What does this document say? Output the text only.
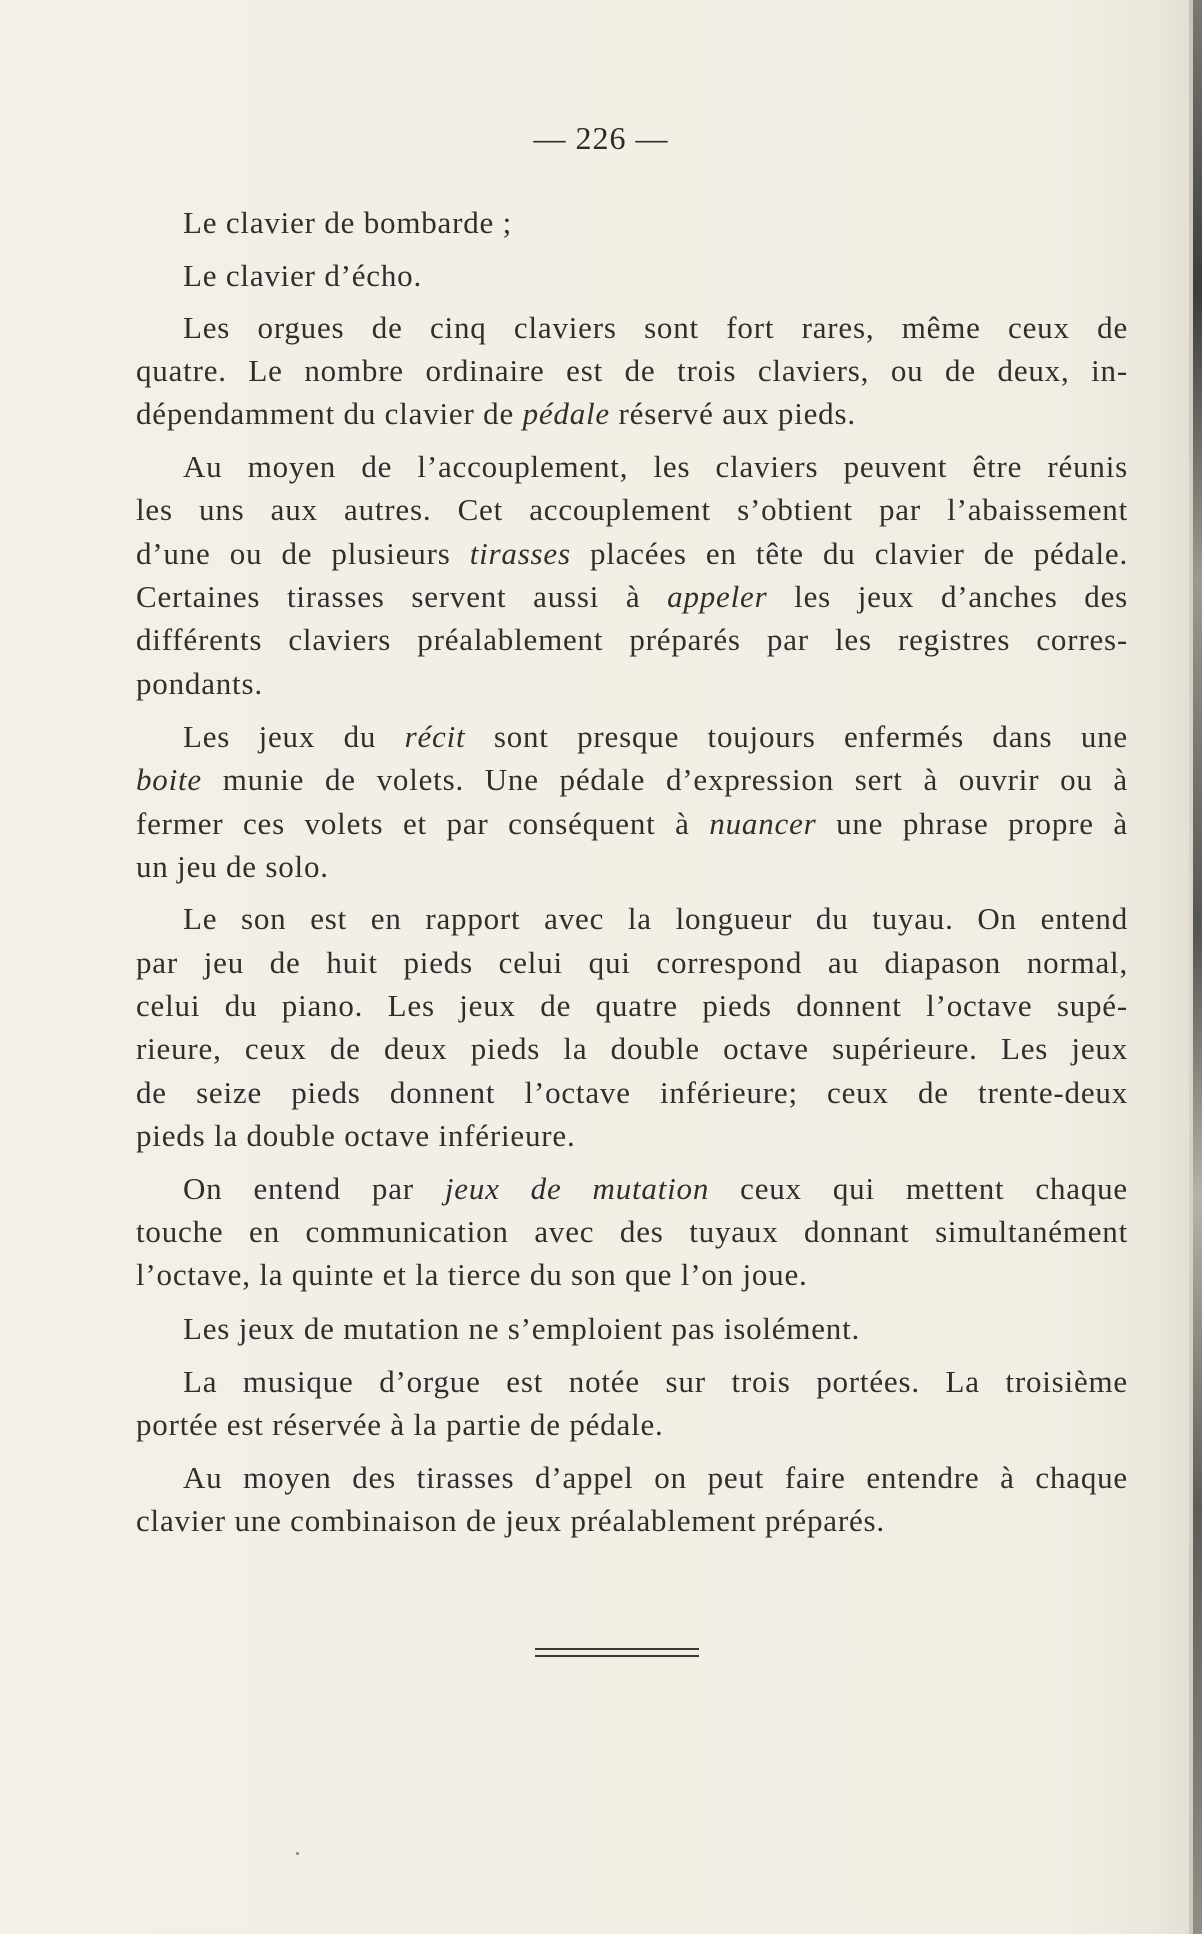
— 226 —
Le clavier de bombarde ;
Le clavier d’écho.
Les orgues de cinq claviers sont fort rares, même ceux de
quatre. Le nombre ordinaire est de trois claviers, ou de deux, in-
dépendamment du clavier de pédale réservé aux pieds.
Au moyen de l’accouplement, les claviers peuvent être réunis
les uns aux autres. Cet accouplement s’obtient par l’abaissement
d’une ou de plusieurs tirasses placées en tête du clavier de pédale.
Certaines tirasses servent aussi à appeler les jeux d’anches des
différents claviers préalablement préparés par les registres corres-
pondants.
Les jeux du récit sont presque toujours enfermés dans une
boite munie de volets. Une pédale d’expression sert à ouvrir ou à
fermer ces volets et par conséquent à nuancer une phrase propre à
un jeu de solo.
Le son est en rapport avec la longueur du tuyau. On entend
par jeu de huit pieds celui qui correspond au diapason normal,
celui du piano. Les jeux de quatre pieds donnent l’octave supé-
rieure, ceux de deux pieds la double octave supérieure. Les jeux
de seize pieds donnent l’octave inférieure; ceux de trente-deux
pieds la double octave inférieure.
On entend par jeux de mutation ceux qui mettent chaque
touche en communication avec des tuyaux donnant simultanément
l’octave, la quinte et la tierce du son que l’on joue.
Les jeux de mutation ne s’emploient pas isolément.
La musique d’orgue est notée sur trois portées. La troisième
portée est réservée à la partie de pédale.
Au moyen des tirasses d’appel on peut faire entendre à chaque
clavier une combinaison de jeux préalablement préparés.
